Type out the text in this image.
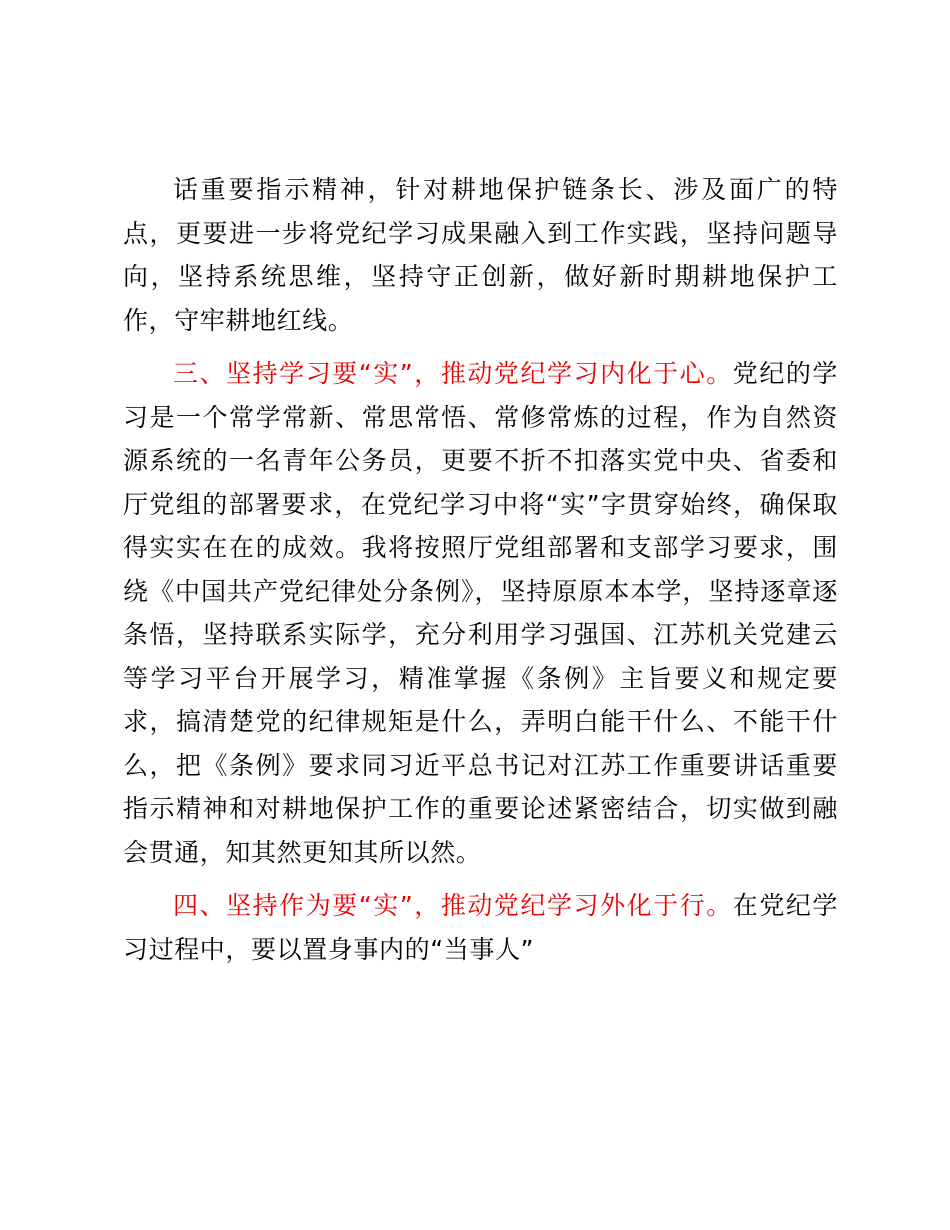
话重要指示精神，针对耕地保护链条长、涉及面广的特点，更要进一步将党纪学习成果融入到工作实践，坚持问题导向，坚持系统思维，坚持守正创新，做好新时期耕地保护工作，守牢耕地红线。

三、坚持学习要“实”，推动党纪学习内化于心。党纪的学习是一个常学常新、常思常悟、常修常炼的过程，作为自然资源系统的一名青年公务员，更要不折不扣落实党中央、省委和厅党组的部署要求，在党纪学习中将“实”字贯穿始终，确保取得实实在在的成效。我将按照厅党组部署和支部学习要求，围绕《中国共产党纪律处分条例》，坚持原原本本学，坚持逐章逐条悟，坚持联系实际学，充分利用学习强国、江苏机关党建云等学习平台开展学习，精准掌握《条例》主旨要义和规定要求，搞清楚党的纪律规矩是什么，弄明白能干什么、不能干什么，把《条例》要求同习近平总书记对江苏工作重要讲话重要指示精神和对耕地保护工作的重要论述紧密结合，切实做到融会贯通，知其然更知其所以然。

四、坚持作为要“实”，推动党纪学习外化于行。在党纪学习过程中，要以置身事内的“当事人”
